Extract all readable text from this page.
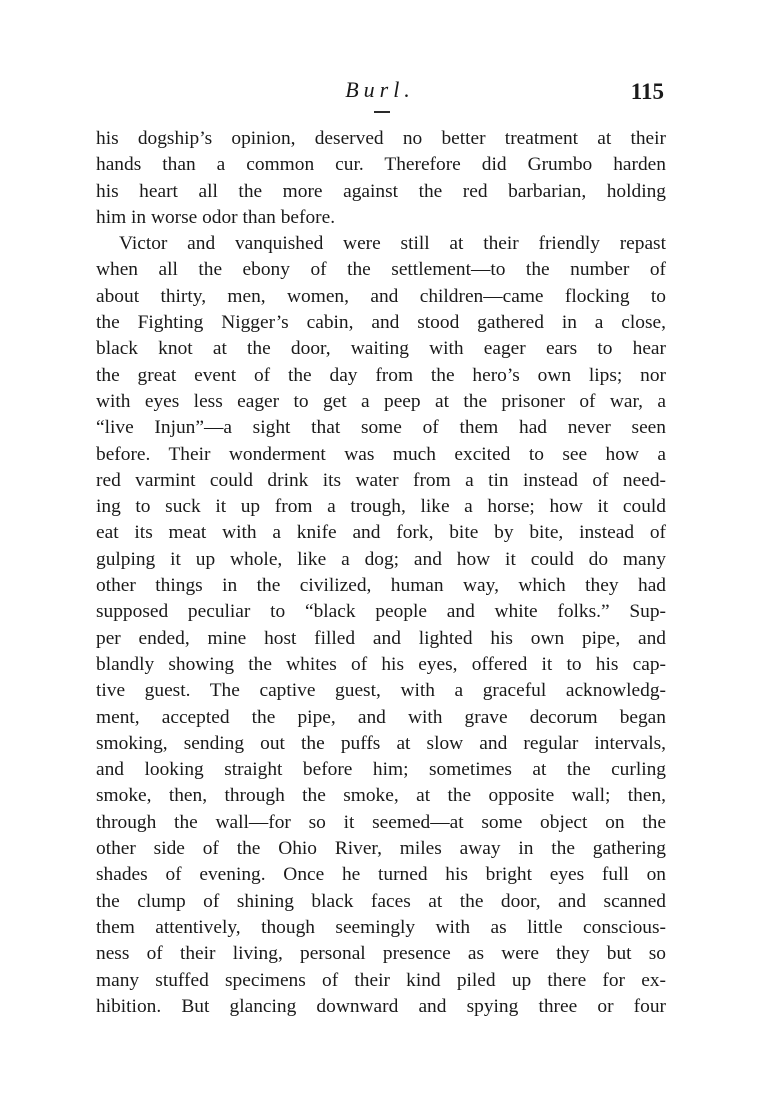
Burl.	115
his dogship’s opinion, deserved no better treatment at their
hands than a common cur. Therefore did Grumbo harden
his heart all the more against the red barbarian, holding
him in worse odor than before.
Victor and vanquished were still at their friendly repast
when all the ebony of the settlement—to the number of
about thirty, men, women, and children—came flocking to
the Fighting Nigger’s cabin, and stood gathered in a close,
black knot at the door, waiting with eager ears to hear
the great event of the day from the hero’s own lips; nor
with eyes less eager to get a peep at the prisoner of war, a
“live Injun”—a sight that some of them had never seen
before. Their wonderment was much excited to see how a
red varmint could drink its water from a tin instead of need-
ing to suck it up from a trough, like a horse; how it could
eat its meat with a knife and fork, bite by bite, instead of
gulping it up whole, like a dog; and how it could do many
other things in the civilized, human way, which they had
supposed peculiar to “black people and white folks.” Sup-
per ended, mine host filled and lighted his own pipe, and
blandly showing the whites of his eyes, offered it to his cap-
tive guest. The captive guest, with a graceful acknowledg-
ment, accepted the pipe, and with grave decorum began
smoking, sending out the puffs at slow and regular intervals,
and looking straight before him; sometimes at the curling
smoke, then, through the smoke, at the opposite wall; then,
through the wall—for so it seemed—at some object on the
other side of the Ohio River, miles away in the gathering
shades of evening. Once he turned his bright eyes full on
the clump of shining black faces at the door, and scanned
them attentively, though seemingly with as little conscious-
ness of their living, personal presence as were they but so
many stuffed specimens of their kind piled up there for ex-
hibition. But glancing downward and spying three or four
